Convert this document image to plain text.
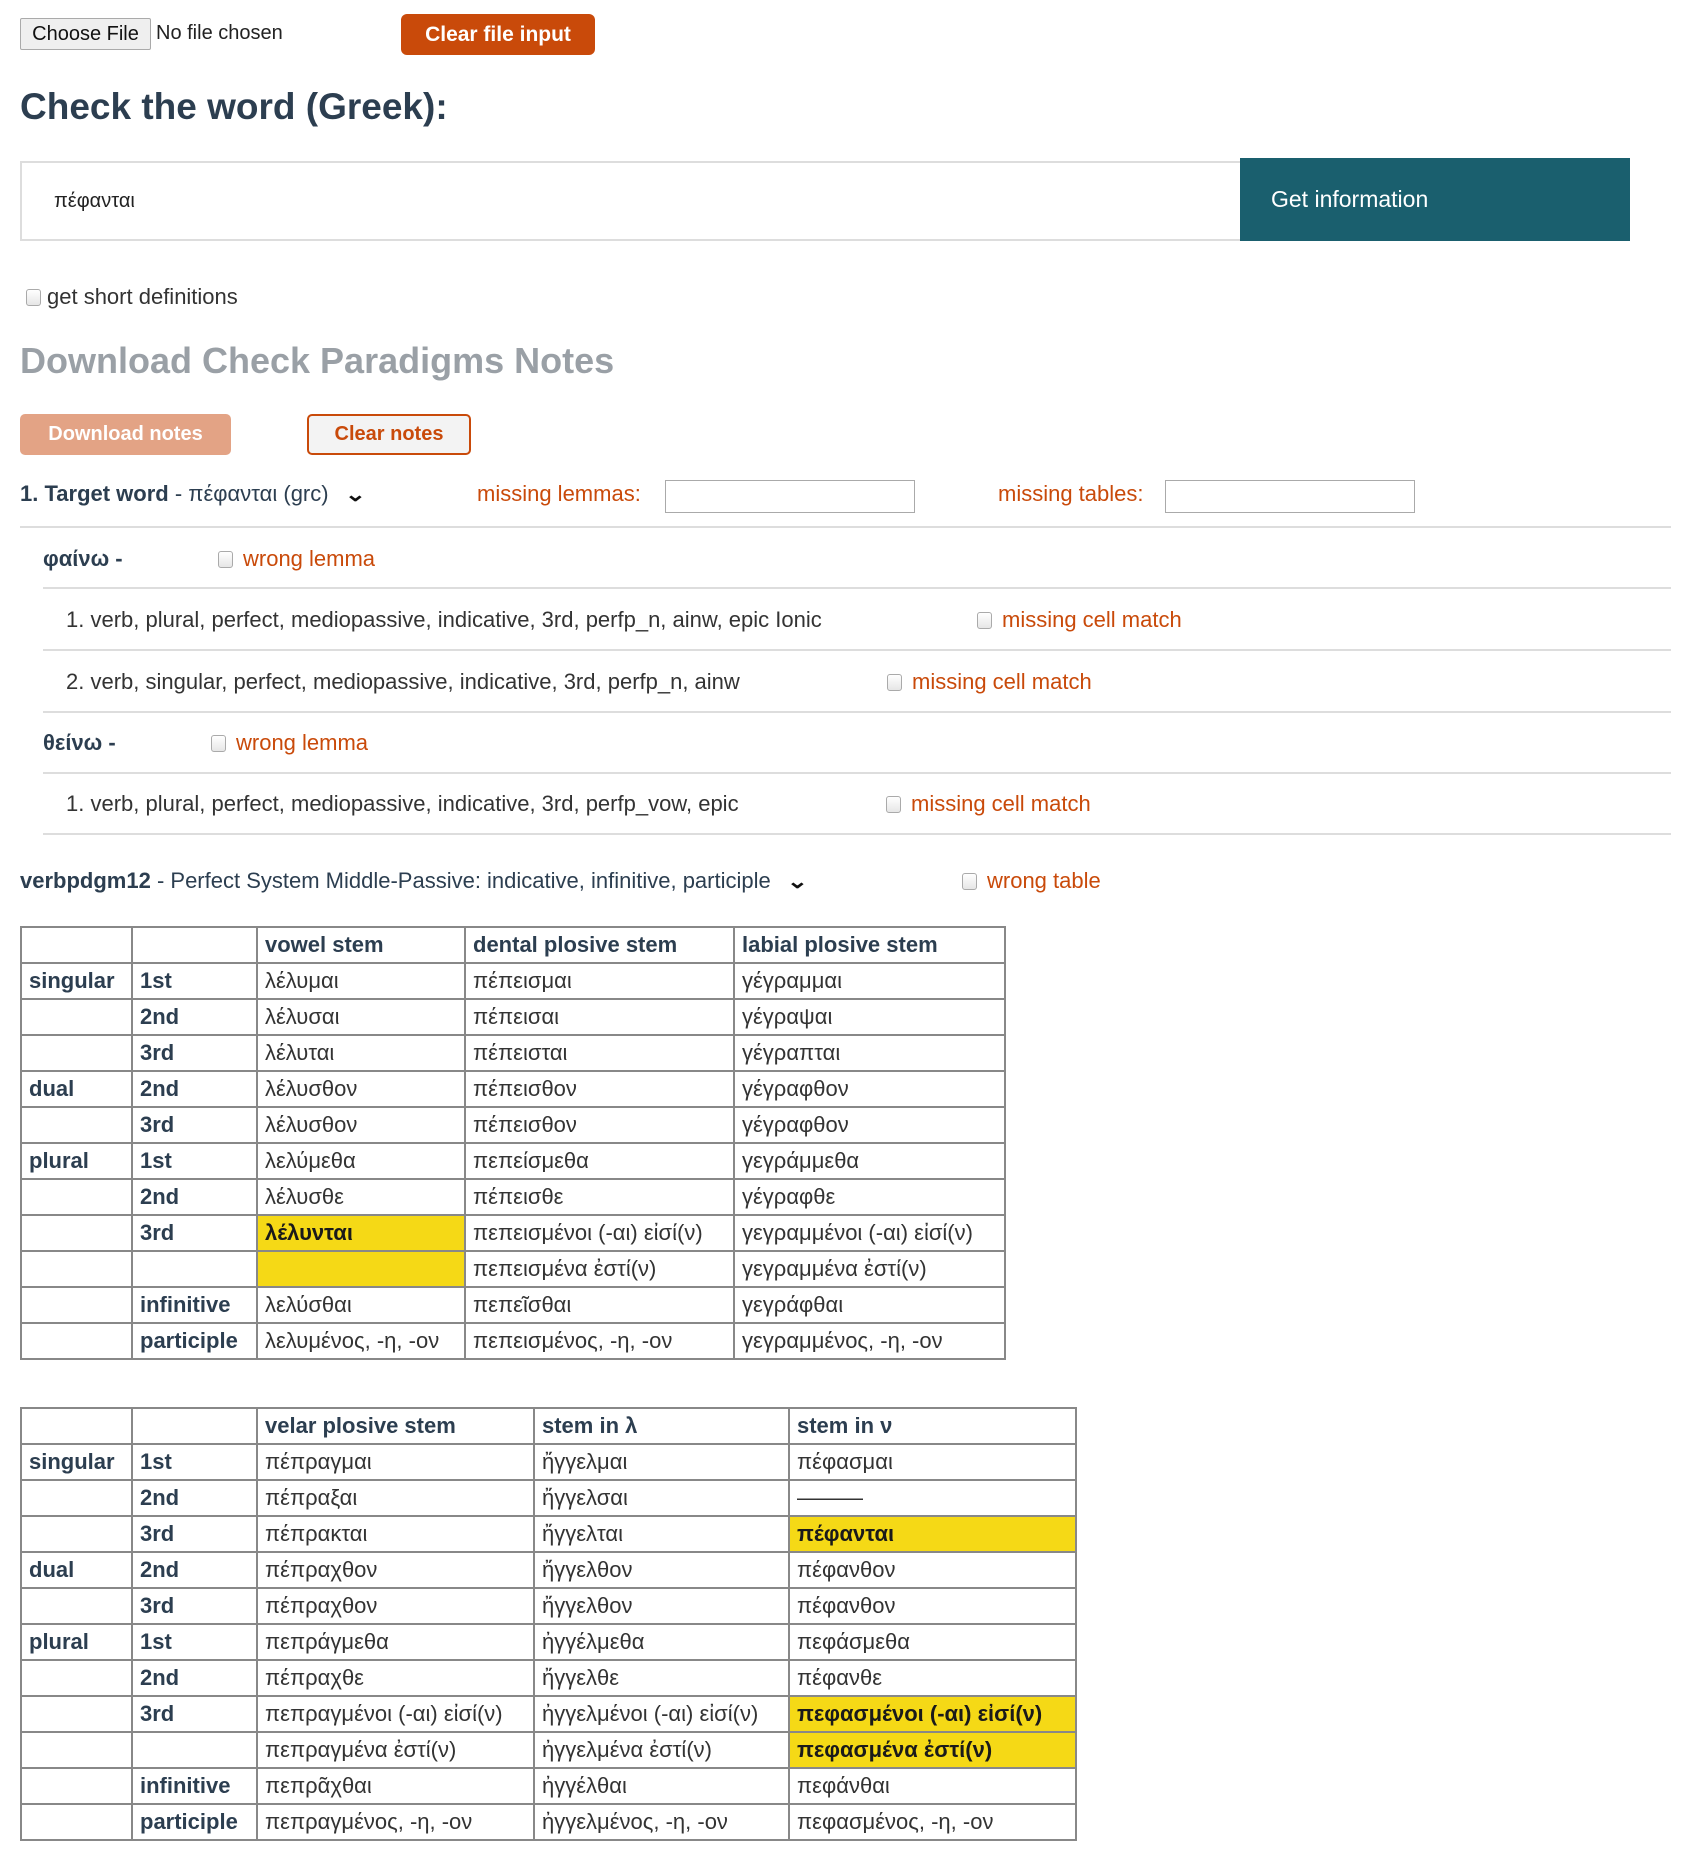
Choose File No file chosen	Clear file input
Check the word (Greek):
πέφανται	Get information
get short definitions
Download Check Paradigms Notes
Download notes	Clear notes
1. Target word - πέφανται (grc) ⌄	missing lemmas:	missing tables:
φαίνω -	wrong lemma
1. verb, plural, perfect, mediopassive, indicative, 3rd, perfp_n, ainw, epic Ionic	missing cell match
2. verb, singular, perfect, mediopassive, indicative, 3rd, perfp_n, ainw	missing cell match
θείνω -	wrong lemma
1. verb, plural, perfect, mediopassive, indicative, 3rd, perfp_vow, epic	missing cell match
verbpdgm12 - Perfect System Middle-Passive: indicative, infinitive, participle ⌄	wrong table
		vowel stem	dental plosive stem	labial plosive stem
singular	1st	λέλυμαι	πέπεισμαι	γέγραμμαι
	2nd	λέλυσαι	πέπεισαι	γέγραψαι
	3rd	λέλυται	πέπεισται	γέγραπται
dual	2nd	λέλυσθον	πέπεισθον	γέγραφθον
	3rd	λέλυσθον	πέπεισθον	γέγραφθον
plural	1st	λελύμεθα	πεπείσμεθα	γεγράμμεθα
	2nd	λέλυσθε	πέπεισθε	γέγραφθε
	3rd	λέλυνται	πεπεισμένοι (-αι) εἰσί(ν)	γεγραμμένοι (-αι) εἰσί(ν)
			πεπεισμένα ἐστί(ν)	γεγραμμένα ἐστί(ν)
	infinitive	λελύσθαι	πεπεῖσθαι	γεγράφθαι
	participle	λελυμένος, -η, -ον	πεπεισμένος, -η, -ον	γεγραμμένος, -η, -ον
		velar plosive stem	stem in λ	stem in ν
singular	1st	πέπραγμαι	ἤγγελμαι	πέφασμαι
	2nd	πέπραξαι	ἤγγελσαι	———
	3rd	πέπρακται	ἤγγελται	πέφανται
dual	2nd	πέπραχθον	ἤγγελθον	πέφανθον
	3rd	πέπραχθον	ἤγγελθον	πέφανθον
plural	1st	πεπράγμεθα	ἠγγέλμεθα	πεφάσμεθα
	2nd	πέπραχθε	ἤγγελθε	πέφανθε
	3rd	πεπραγμένοι (-αι) εἰσί(ν)	ἠγγελμένοι (-αι) εἰσί(ν)	πεφασμένοι (-αι) εἰσί(ν)
		πεπραγμένα ἐστί(ν)	ἠγγελμένα ἐστί(ν)	πεφασμένα ἐστί(ν)
	infinitive	πεπρᾶχθαι	ἠγγέλθαι	πεφάνθαι
	participle	πεπραγμένος, -η, -ον	ἠγγελμένος, -η, -ον	πεφασμένος, -η, -ον
